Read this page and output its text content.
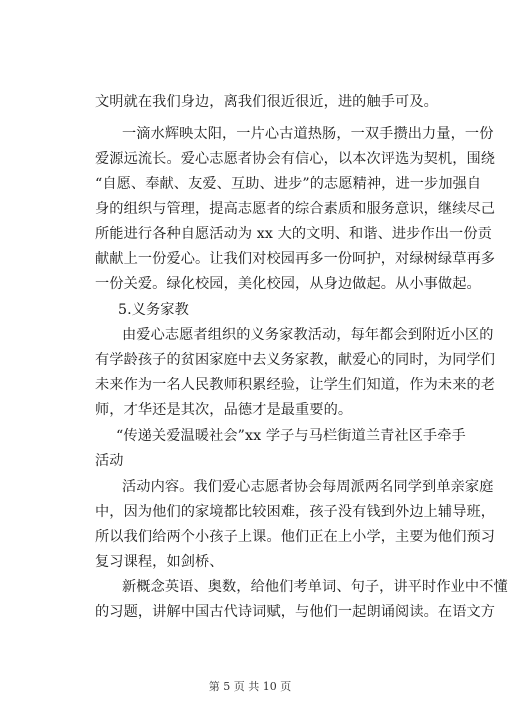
文明就在我们身边，离我们很近很近，进的触手可及。
一滴水辉映太阳，一片心古道热肠，一双手攒出力量，一份
爱源远流长。爱心志愿者协会有信心，以本次评选为契机，围绕
“自愿、奉献、友爱、互助、进步”的志愿精神，进一步加强自
身的组织与管理，提高志愿者的综合素质和服务意识，继续尽己
所能进行各种自愿活动为 xx 大的文明、和谐、进步作出一份贡
献献上一份爱心。让我们对校园再多一份呵护，对绿树绿草再多
一份关爱。绿化校园，美化校园，从身边做起。从小事做起。
5.义务家教
由爱心志愿者组织的义务家教活动，每年都会到附近小区的
有学龄孩子的贫困家庭中去义务家教，献爱心的同时，为同学们
未来作为一名人民教师积累经验，让学生们知道，作为未来的老
师，才华还是其次，品德才是最重要的。
“传递关爱温暖社会”xx 学子与马栏街道兰青社区手牵手
活动
活动内容。我们爱心志愿者协会每周派两名同学到单亲家庭
中，因为他们的家境都比较困难，孩子没有钱到外边上辅导班，
所以我们给两个小孩子上课。他们正在上小学，主要为他们预习
复习课程，如剑桥、
新概念英语、奥数，给他们考单词、句子，讲平时作业中不懂
的习题，讲解中国古代诗词赋，与他们一起朗诵阅读。在语文方
第 5 页 共 10 页
